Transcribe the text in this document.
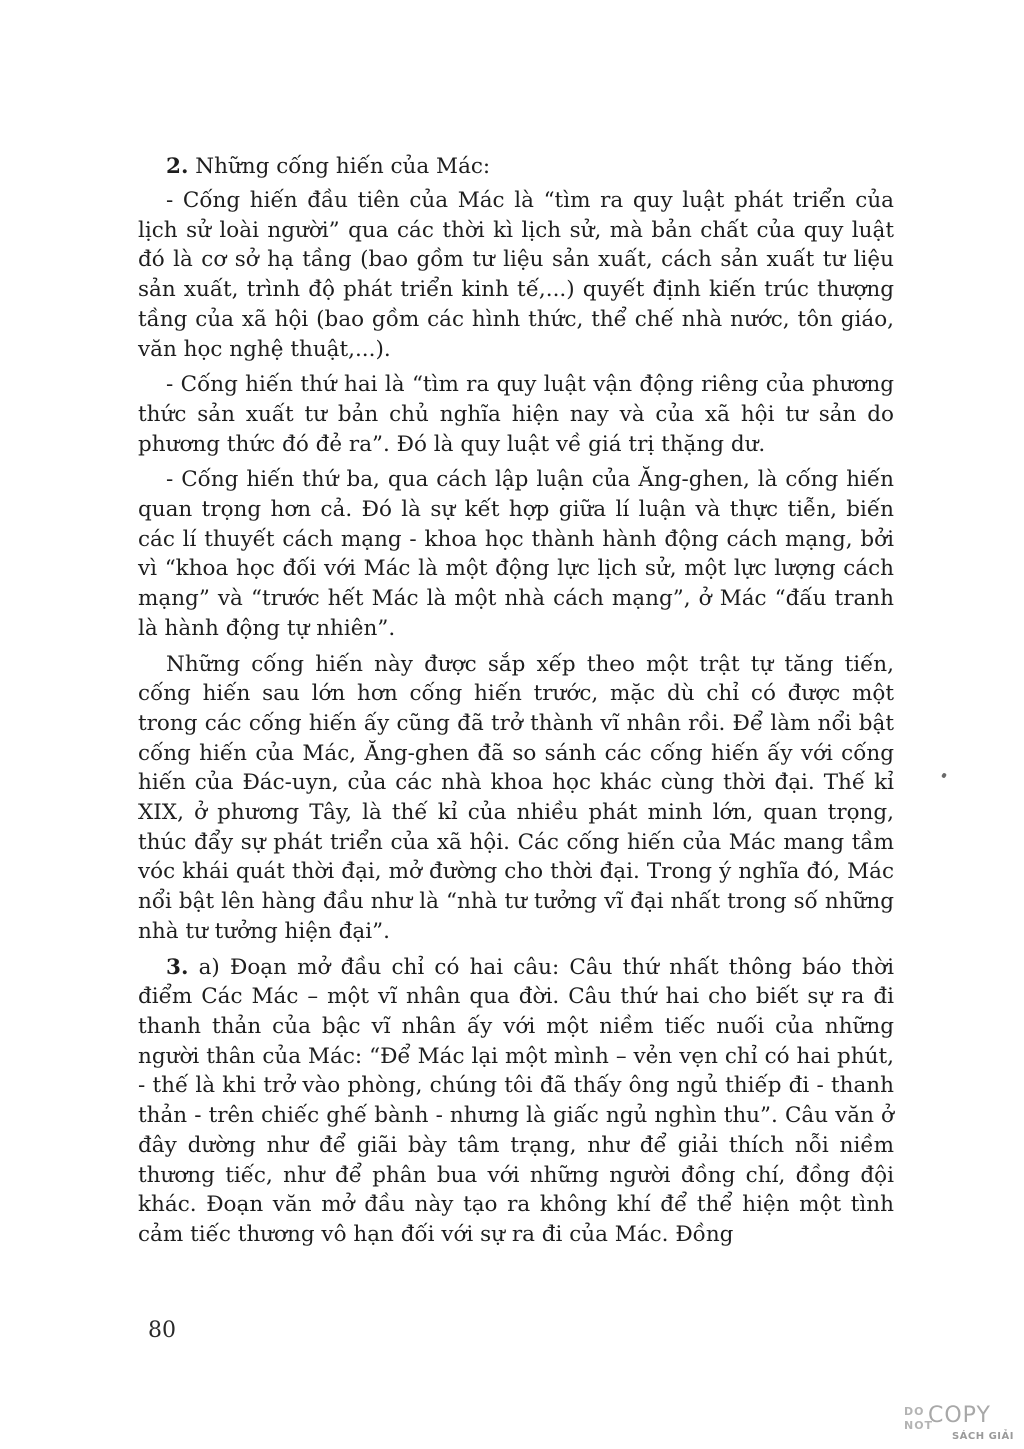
2. Những cống hiến của Mác:

- Cống hiến đầu tiên của Mác là “tìm ra quy luật phát triển của lịch sử loài người” qua các thời kì lịch sử, mà bản chất của quy luật đó là cơ sở hạ tầng (bao gồm tư liệu sản xuất, cách sản xuất tư liệu sản xuất, trình độ phát triển kinh tế,...) quyết định kiến trúc thượng tầng của xã hội (bao gồm các hình thức, thể chế nhà nước, tôn giáo, văn học nghệ thuật,...).

- Cống hiến thứ hai là “tìm ra quy luật vận động riêng của phương thức sản xuất tư bản chủ nghĩa hiện nay và của xã hội tư sản do phương thức đó đẻ ra”. Đó là quy luật về giá trị thặng dư.

- Cống hiến thứ ba, qua cách lập luận của Ăng-ghen, là cống hiến quan trọng hơn cả. Đó là sự kết hợp giữa lí luận và thực tiễn, biến các lí thuyết cách mạng - khoa học thành hành động cách mạng, bởi vì “khoa học đối với Mác là một động lực lịch sử, một lực lượng cách mạng” và “trước hết Mác là một nhà cách mạng”, ở Mác “đấu tranh là hành động tự nhiên”.

Những cống hiến này được sắp xếp theo một trật tự tăng tiến, cống hiến sau lớn hơn cống hiến trước, mặc dù chỉ có được một trong các cống hiến ấy cũng đã trở thành vĩ nhân rồi. Để làm nổi bật cống hiến của Mác, Ăng-ghen đã so sánh các cống hiến ấy với cống hiến của Đác-uyn, của các nhà khoa học khác cùng thời đại. Thế kỉ XIX, ở phương Tây, là thế kỉ của nhiều phát minh lớn, quan trọng, thúc đẩy sự phát triển của xã hội. Các cống hiến của Mác mang tầm vóc khái quát thời đại, mở đường cho thời đại. Trong ý nghĩa đó, Mác nổi bật lên hàng đầu như là “nhà tư tưởng vĩ đại nhất trong số những nhà tư tưởng hiện đại”.

3. a) Đoạn mở đầu chỉ có hai câu: Câu thứ nhất thông báo thời điểm Các Mác – một vĩ nhân qua đời. Câu thứ hai cho biết sự ra đi thanh thản của bậc vĩ nhân ấy với một niềm tiếc nuối của những người thân của Mác: “Để Mác lại một mình – vẻn vẹn chỉ có hai phút, - thế là khi trở vào phòng, chúng tôi đã thấy ông ngủ thiếp đi - thanh thản - trên chiếc ghế bành - nhưng là giấc ngủ nghìn thu”. Câu văn ở đây dường như để giãi bày tâm trạng, như để giải thích nỗi niềm thương tiếc, như để phân bua với những người đồng chí, đồng đội khác. Đoạn văn mở đầu này tạo ra không khí để thể hiện một tình cảm tiếc thương vô hạn đối với sự ra đi của Mác. Đồng

80
DO
NOT
COPY
SÁCH GIẢI
